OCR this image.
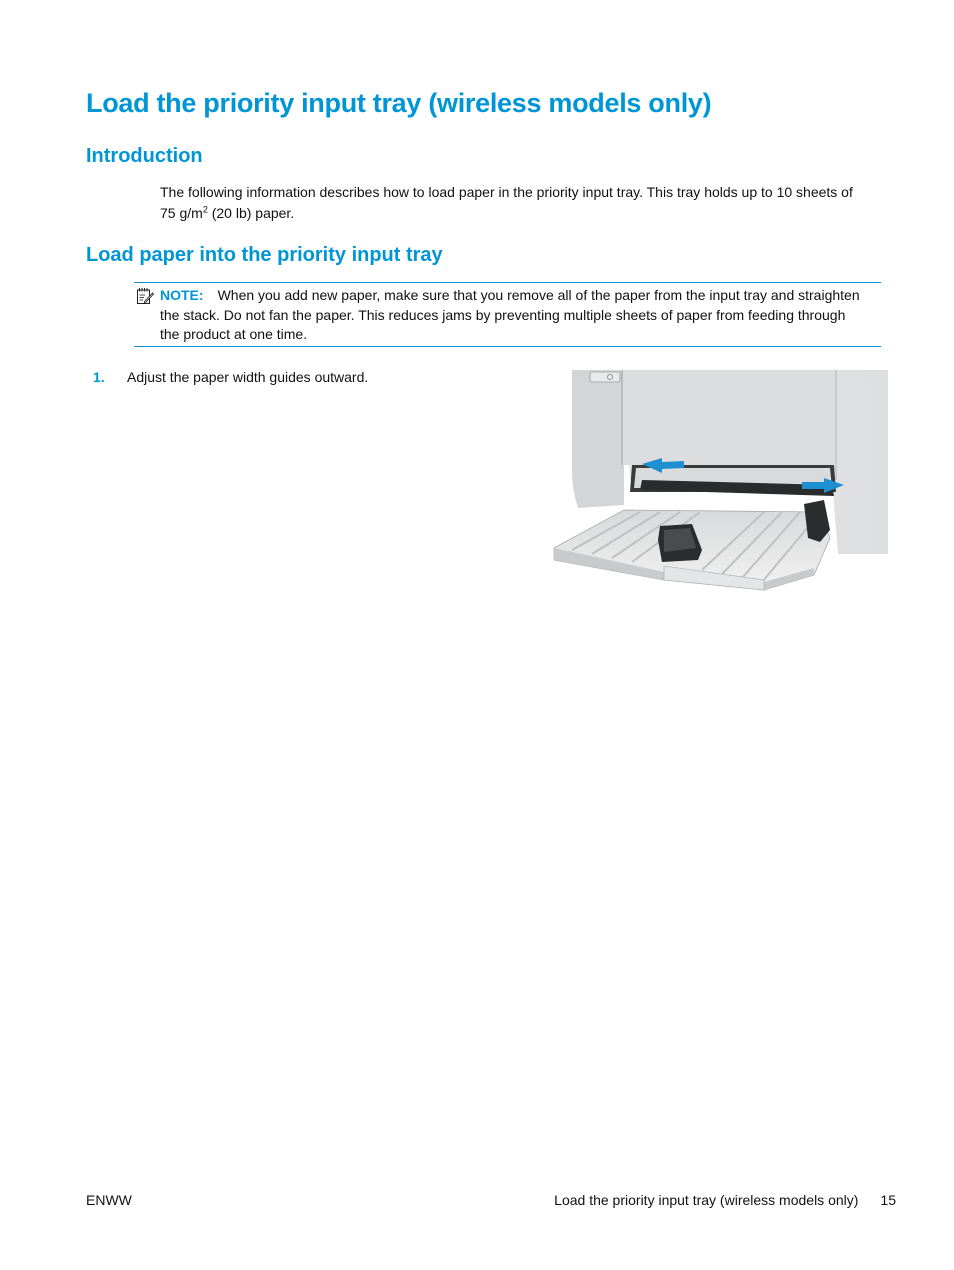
Load the priority input tray (wireless models only)
Introduction

The following information describes how to load paper in the priority input tray. This tray holds up to 10 sheets of 75 $g/m^2$ (20 lb) paper.

Load paper into the priority input tray

NOTE: When you add new paper, make sure that you remove all of the paper from the input tray and straighten the stack. Do not fan the paper. This reduces jams by preventing multiple sheets of paper from feeding through the product at one time.

1. Adjust the paper width guides outward.
ENWW	Load the priority input tray (wireless models only) 15
